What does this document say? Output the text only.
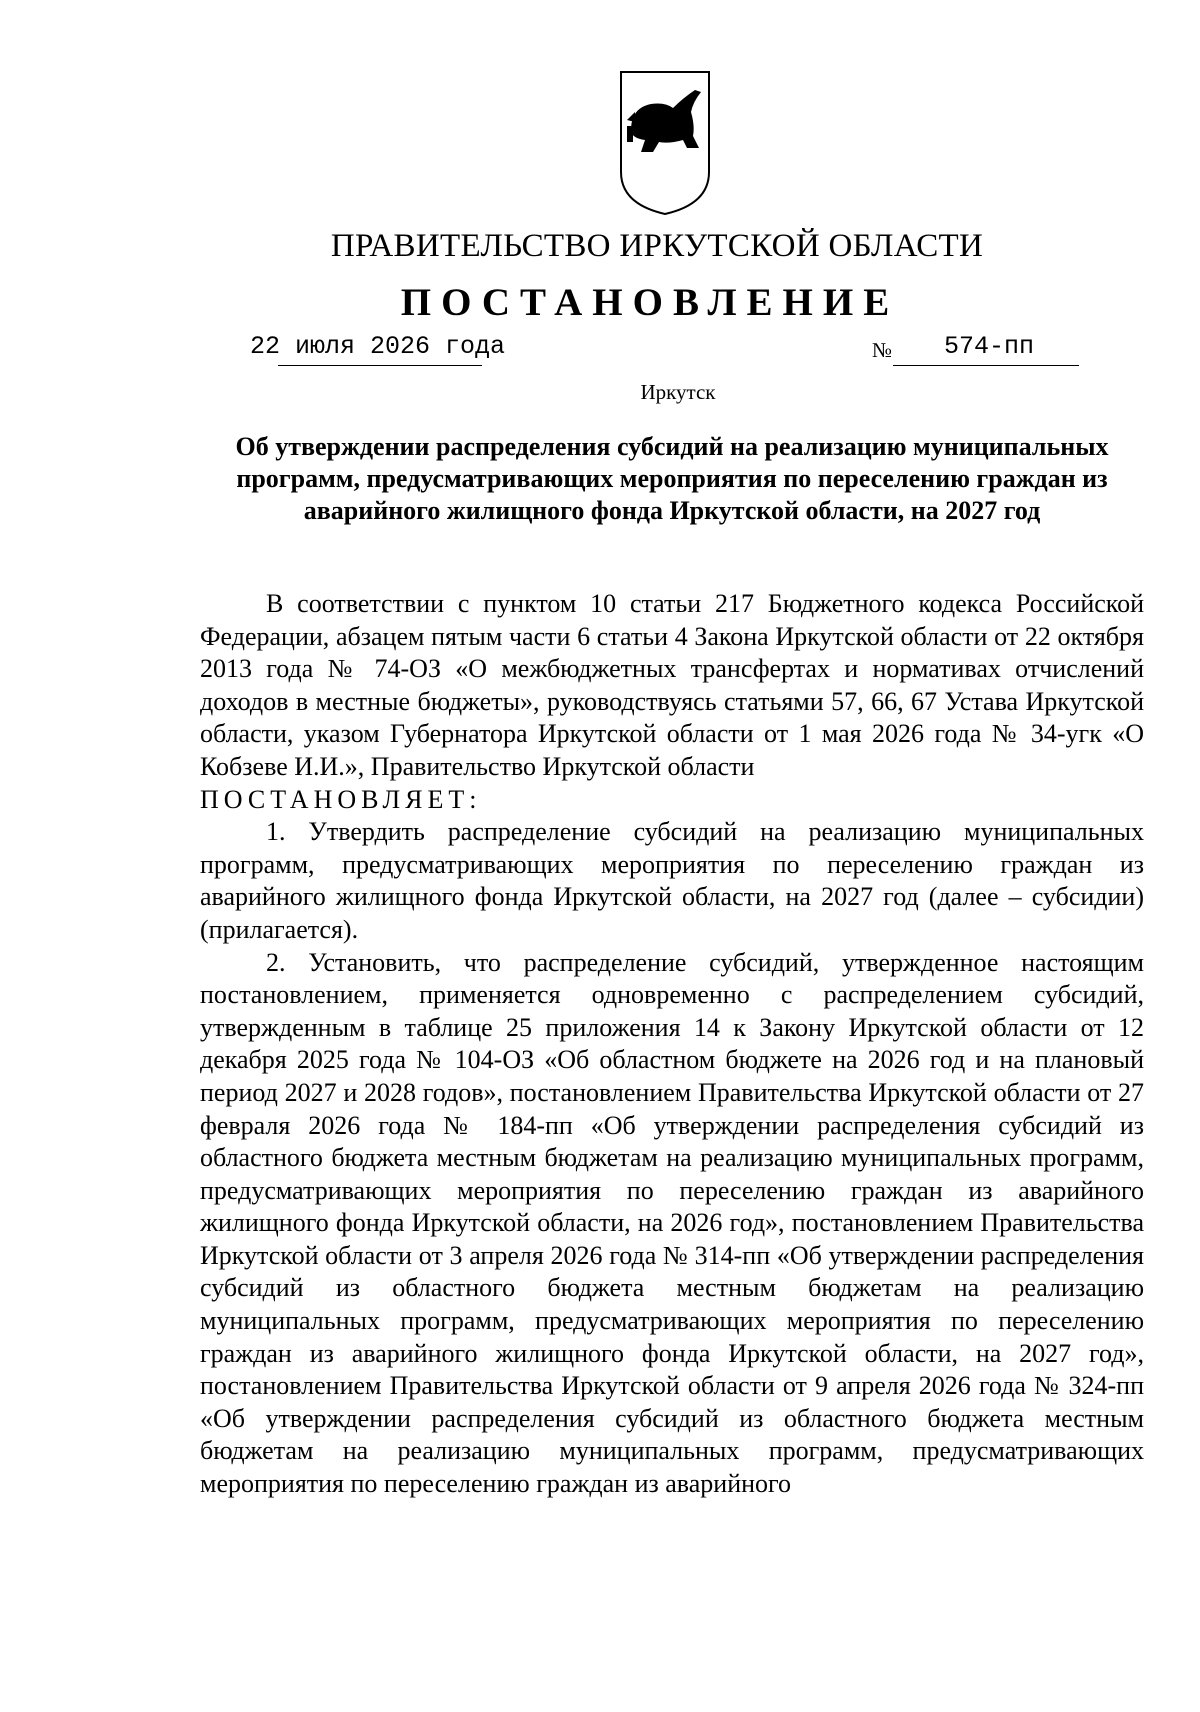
ПРАВИТЕЛЬСТВО ИРКУТСКОЙ ОБЛАСТИ
ПОСТАНОВЛЕНИЕ
22 июля 2026 года	№ 574-пп
Иркутск
Об утверждении распределения субсидий на реализацию муниципальных программ, предусматривающих мероприятия по переселению граждан из аварийного жилищного фонда Иркутской области, на 2027 год

В соответствии с пунктом 10 статьи 217 Бюджетного кодекса Российской Федерации, абзацем пятым части 6 статьи 4 Закона Иркутской области от 22 октября 2013 года № 74-ОЗ «О межбюджетных трансфертах и нормативах отчислений доходов в местные бюджеты», руководствуясь статьями 57, 66, 67 Устава Иркутской области, указом Губернатора Иркутской области от 1 мая 2026 года № 34-угк «О Кобзеве И.И.», Правительство Иркутской области

ПОСТАНОВЛЯЕТ:

1. Утвердить распределение субсидий на реализацию муниципальных программ, предусматривающих мероприятия по переселению граждан из аварийного жилищного фонда Иркутской области, на 2027 год (далее – субсидии) (прилагается).

2. Установить, что распределение субсидий, утвержденное настоящим постановлением, применяется одновременно с распределением субсидий, утвержденным в таблице 25 приложения 14 к Закону Иркутской области от 12 декабря 2025 года № 104-ОЗ «Об областном бюджете на 2026 год и на плановый период 2027 и 2028 годов», постановлением Правительства Иркутской области от 27 февраля 2026 года № 184-пп «Об утверждении распределения субсидий из областного бюджета местным бюджетам на реализацию муниципальных программ, предусматривающих мероприятия по переселению граждан из аварийного жилищного фонда Иркутской области, на 2026 год», постановлением Правительства Иркутской области от 3 апреля 2026 года № 314-пп «Об утверждении распределения субсидий из областного бюджета местным бюджетам на реализацию муниципальных программ, предусматривающих мероприятия по переселению граждан из аварийного жилищного фонда Иркутской области, на 2027 год», постановлением Правительства Иркутской области от 9 апреля 2026 года № 324-пп «Об утверждении распределения субсидий из областного бюджета местным бюджетам на реализацию муниципальных программ, предусматривающих мероприятия по переселению граждан из аварийного
